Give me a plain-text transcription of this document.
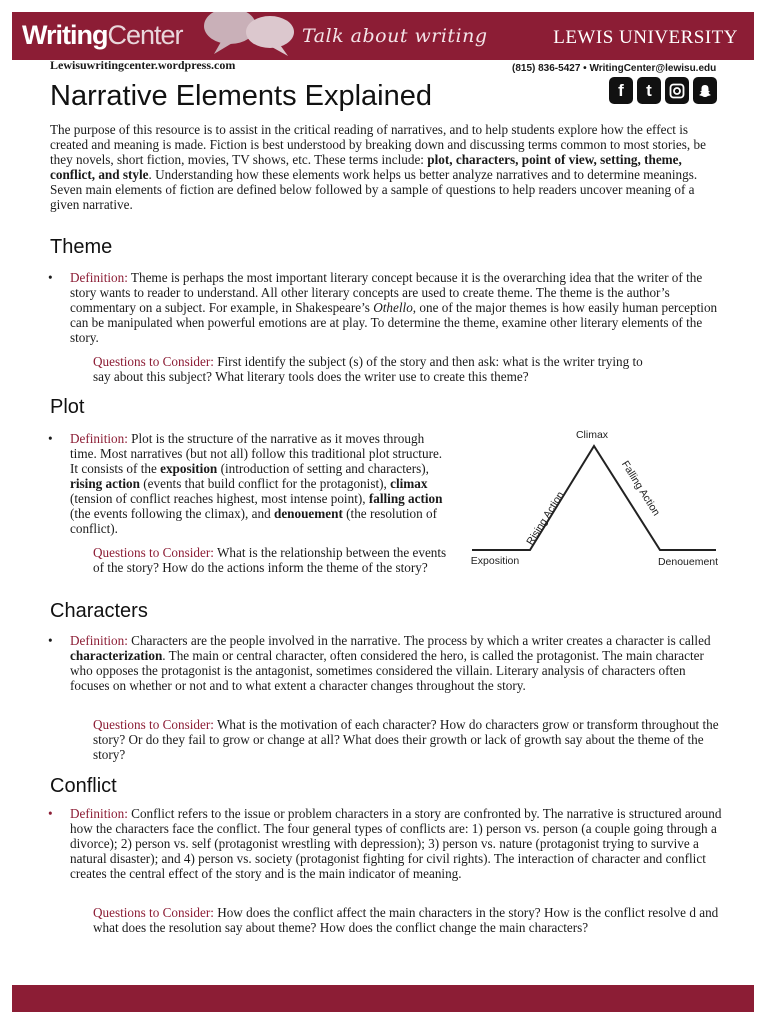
WritingCenter	Talk about writing	LEWIS UNIVERSITY
Lewisuwritingcenter.wordpress.com	(815) 836-5427 • WritingCenter@lewisu.edu
f	t
Narrative Elements Explained

The purpose of this resource is to assist in the critical reading of narratives, and to help students explore how the effect is created and meaning is made. Fiction is best understood by breaking down and discussing terms common to most stories, be they novels, short fiction, movies, TV shows, etc. These terms include: plot, characters, point of view, setting, theme, conflict, and style. Understanding how these elements work helps us better analyze narratives and to determine meanings. Seven main elements of fiction are defined below followed by a sample of questions to help readers uncover meaning of a given narrative.

Theme
• Definition: Theme is perhaps the most important literary concept because it is the overarching idea that the writer of the story wants to reader to understand. All other literary concepts are used to create theme. The theme is the author’s commentary on a subject. For example, in Shakespeare’s Othello, one of the major themes is how easily human perception can be manipulated when powerful emotions are at play. To determine the theme, examine other literary elements of the story.

Questions to Consider: First identify the subject (s) of the story and then ask: what is the writer trying to say about this subject? What literary tools does the writer use to create this theme?

Plot
• Definition: Plot is the structure of the narrative as it moves through time. Most narratives (but not all) follow this traditional plot structure. It consists of the exposition (introduction of setting and characters), rising action (events that build conflict for the protagonist), climax (tension of conflict reaches highest, most intense point), falling action (the events following the climax), and denouement (the resolution of conflict).

Questions to Consider: What is the relationship between the events of the story? How do the actions inform the theme of the story?

Climax
Rising Action
Falling Action
Exposition	Denouement
Characters
• Definition: Characters are the people involved in the narrative. The process by which a writer creates a character is called characterization. The main or central character, often considered the hero, is called the protagonist. The main character who opposes the protagonist is the antagonist, sometimes considered the villain. Literary analysis of characters often focuses on whether or not and to what extent a character changes throughout the story.

Questions to Consider: What is the motivation of each character? How do characters grow or transform throughout the story? Or do they fail to grow or change at all? What does their growth or lack of growth say about the theme of the story?

Conflict
• Definition: Conflict refers to the issue or problem characters in a story are confronted by. The narrative is structured around how the characters face the conflict. The four general types of conflicts are: 1) person vs. person (a couple going through a divorce); 2) person vs. self (protagonist wrestling with depression); 3) person vs. nature (protagonist trying to survive a natural disaster); and 4) person vs. society (protagonist fighting for civil rights). The interaction of character and conflict creates the central effect of the story and is the main indicator of meaning.

Questions to Consider: How does the conflict affect the main characters in the story? How is the conflict resolve d and what does the resolution say about theme? How does the conflict change the main characters?
